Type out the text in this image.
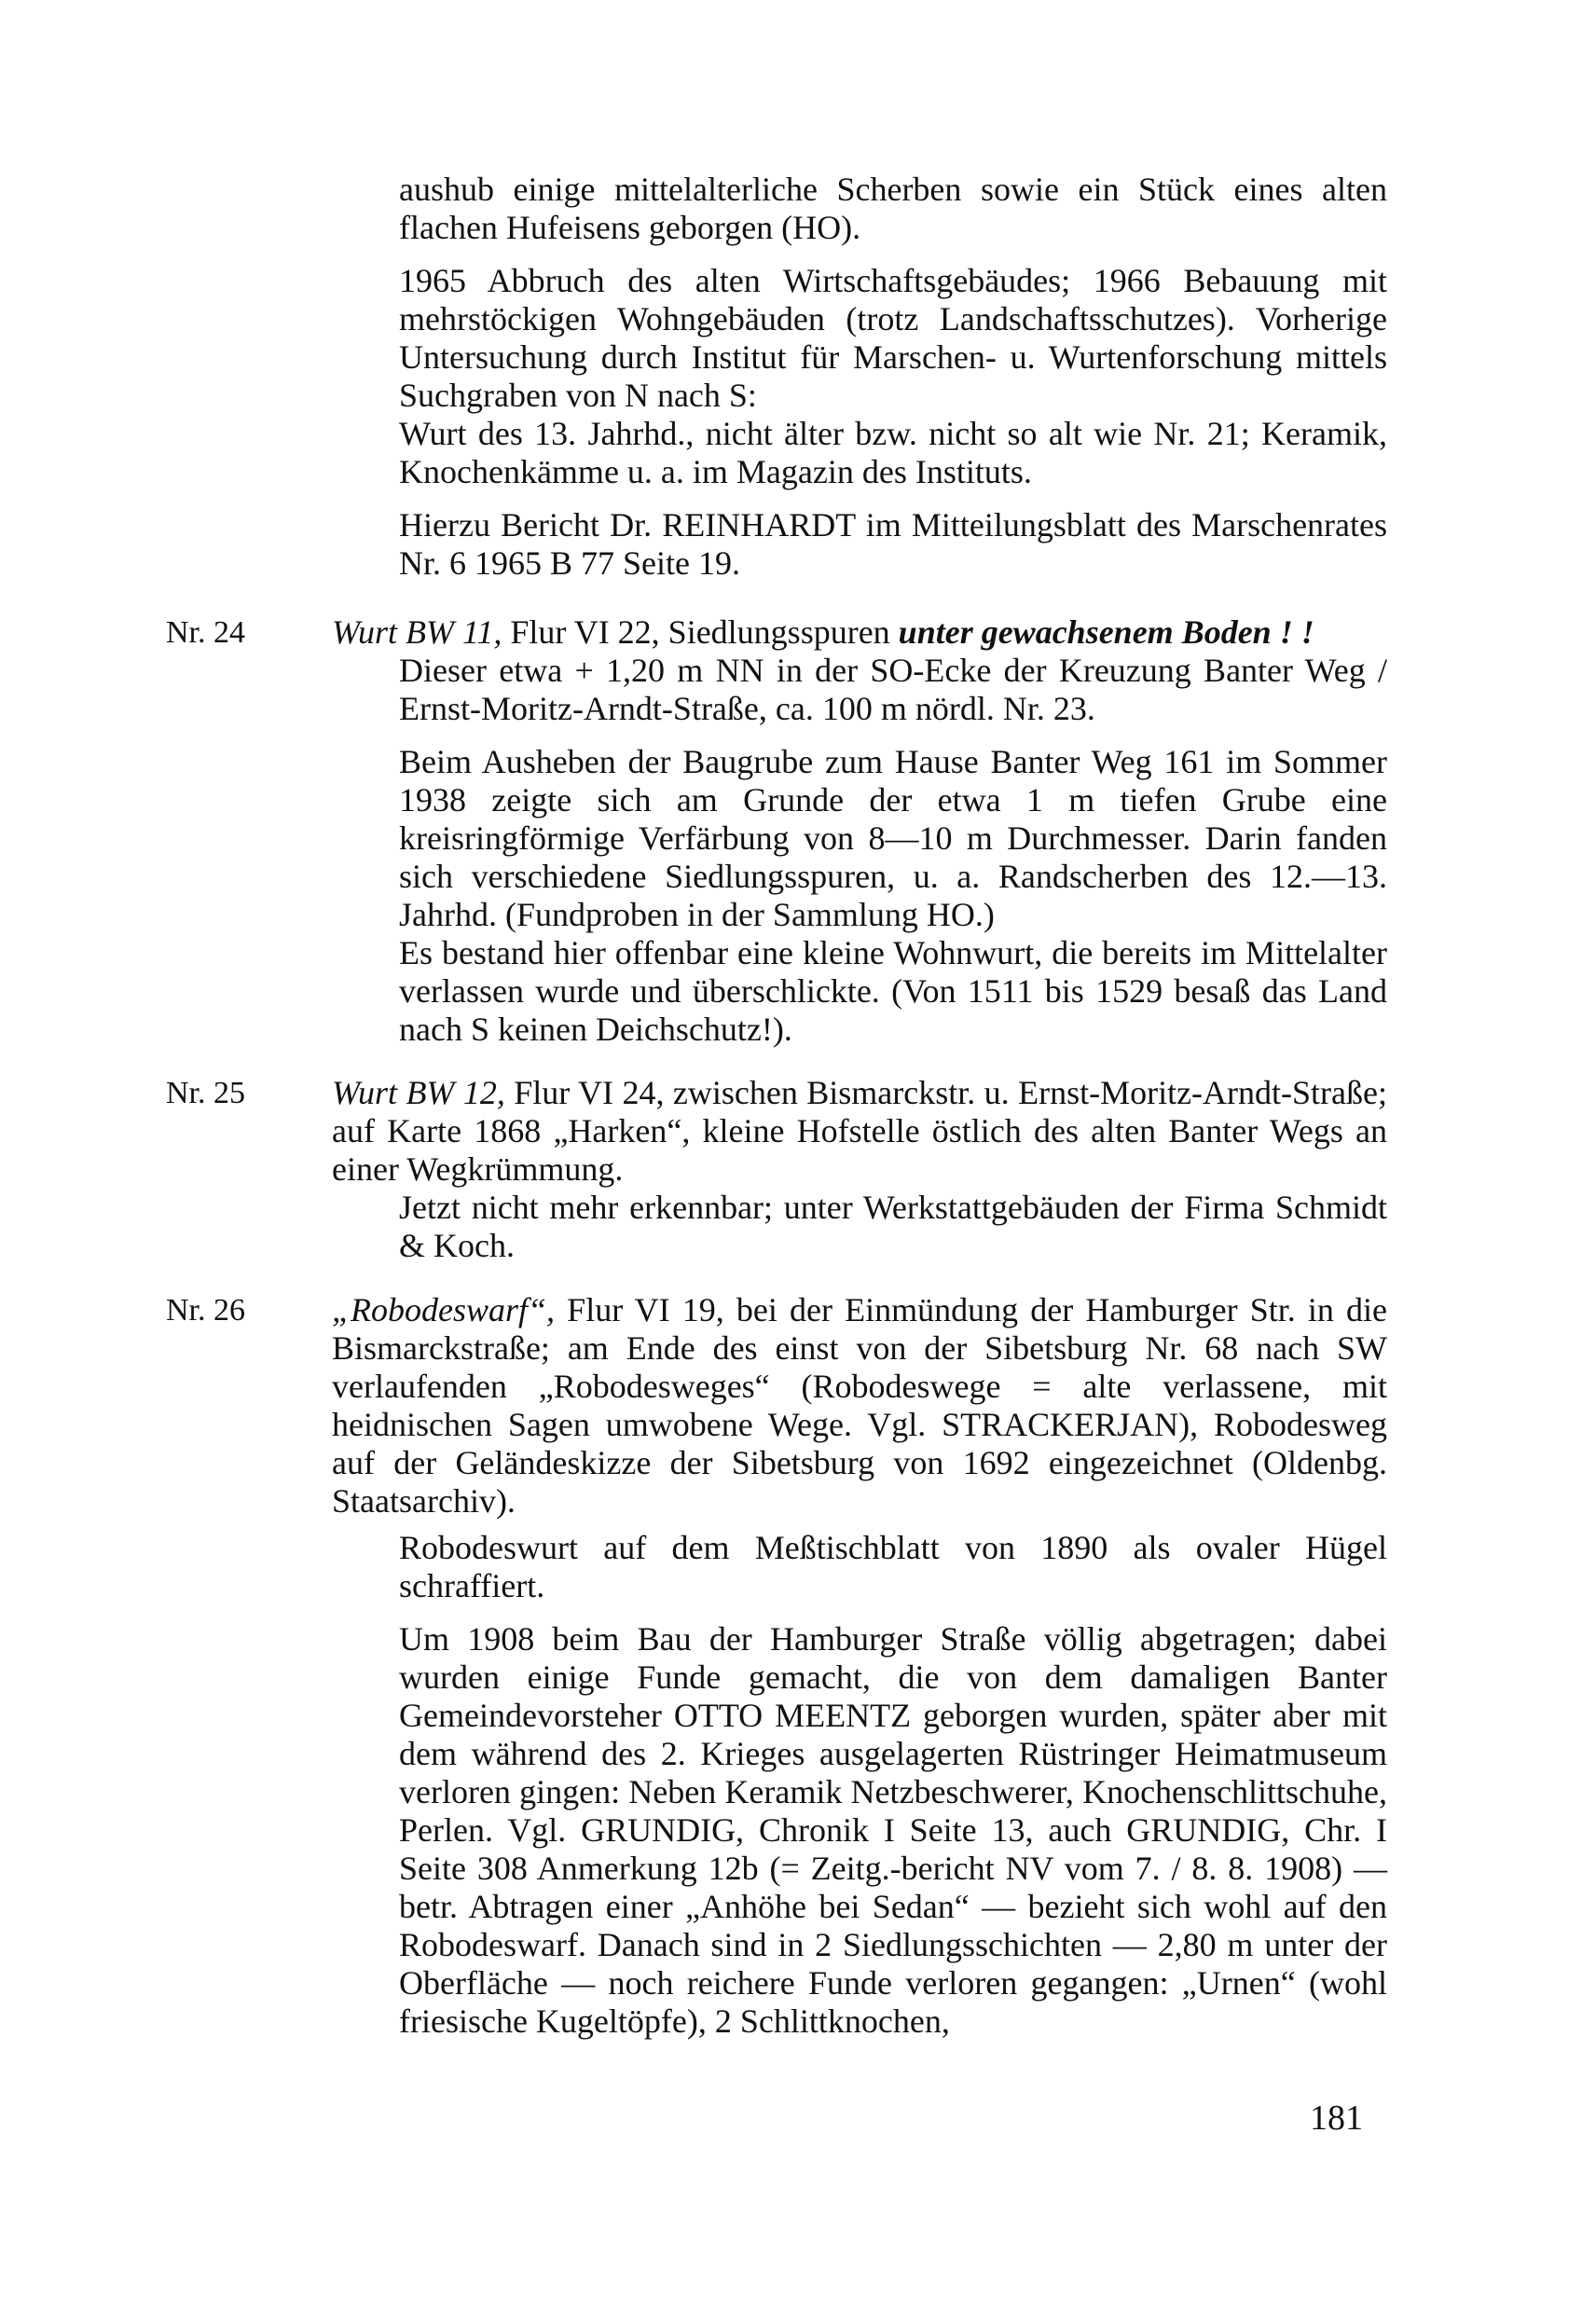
aushub einige mittelalterliche Scherben sowie ein Stück eines alten flachen Hufeisens geborgen (HO).

1965 Abbruch des alten Wirtschaftsgebäudes; 1966 Bebauung mit mehrstöckigen Wohngebäuden (trotz Landschaftsschutzes). Vorherige Untersuchung durch Institut für Marschen- u. Wurtenforschung mittels Suchgraben von N nach S:

Wurt des 13. Jahrhd., nicht älter bzw. nicht so alt wie Nr. 21; Keramik, Knochenkämme u. a. im Magazin des Instituts.

Hierzu Bericht Dr. REINHARDT im Mitteilungsblatt des Marschenrates Nr. 6 1965 B 77 Seite 19.

Nr. 24	Wurt BW 11, Flur VI 22, Siedlungsspuren unter gewachsenem Boden ! !

Dieser etwa + 1,20 m NN in der SO-Ecke der Kreuzung Banter Weg / Ernst-Moritz-Arndt-Straße, ca. 100 m nördl. Nr. 23.

Beim Ausheben der Baugrube zum Hause Banter Weg 161 im Sommer 1938 zeigte sich am Grunde der etwa 1 m tiefen Grube eine kreisringförmige Verfärbung von 8—10 m Durchmesser. Darin fanden sich verschiedene Siedlungsspuren, u. a. Randscherben des 12.—13. Jahrhd. (Fundproben in der Sammlung HO.)

Es bestand hier offenbar eine kleine Wohnwurt, die bereits im Mittelalter verlassen wurde und überschlickte. (Von 1511 bis 1529 besaß das Land nach S keinen Deichschutz!).

Nr. 25	Wurt BW 12, Flur VI 24, zwischen Bismarckstr. u. Ernst-Moritz-Arndt-Straße; auf Karte 1868 „Harken“, kleine Hofstelle östlich des alten Banter Wegs an einer Wegkrümmung.

Jetzt nicht mehr erkennbar; unter Werkstattgebäuden der Firma Schmidt & Koch.

Nr. 26	„Robodeswarf“, Flur VI 19, bei der Einmündung der Hamburger Str. in die Bismarckstraße; am Ende des einst von der Sibetsburg Nr. 68 nach SW verlaufenden „Robodesweges“ (Robodeswege = alte verlassene, mit heidnischen Sagen umwobene Wege. Vgl. STRACKERJAN), Robodesweg auf der Geländeskizze der Sibetsburg von 1692 eingezeichnet (Oldenbg. Staatsarchiv).

Robodeswurt auf dem Meßtischblatt von 1890 als ovaler Hügel schraffiert.

Um 1908 beim Bau der Hamburger Straße völlig abgetragen; dabei wurden einige Funde gemacht, die von dem damaligen Banter Gemeindevorsteher OTTO MEENTZ geborgen wurden, später aber mit dem während des 2. Krieges ausgelagerten Rüstringer Heimatmuseum verloren gingen: Neben Keramik Netzbeschwerer, Knochenschlittschuhe, Perlen. Vgl. GRUNDIG, Chronik I Seite 13, auch GRUNDIG, Chr. I Seite 308 Anmerkung 12b (= Zeitg.-bericht NV vom 7. / 8. 8. 1908) — betr. Abtragen einer „Anhöhe bei Sedan“ — bezieht sich wohl auf den Robodeswarf. Danach sind in 2 Siedlungsschichten — 2,80 m unter der Oberfläche — noch reichere Funde verloren gegangen: „Urnen“ (wohl friesische Kugeltöpfe), 2 Schlittknochen,

181
